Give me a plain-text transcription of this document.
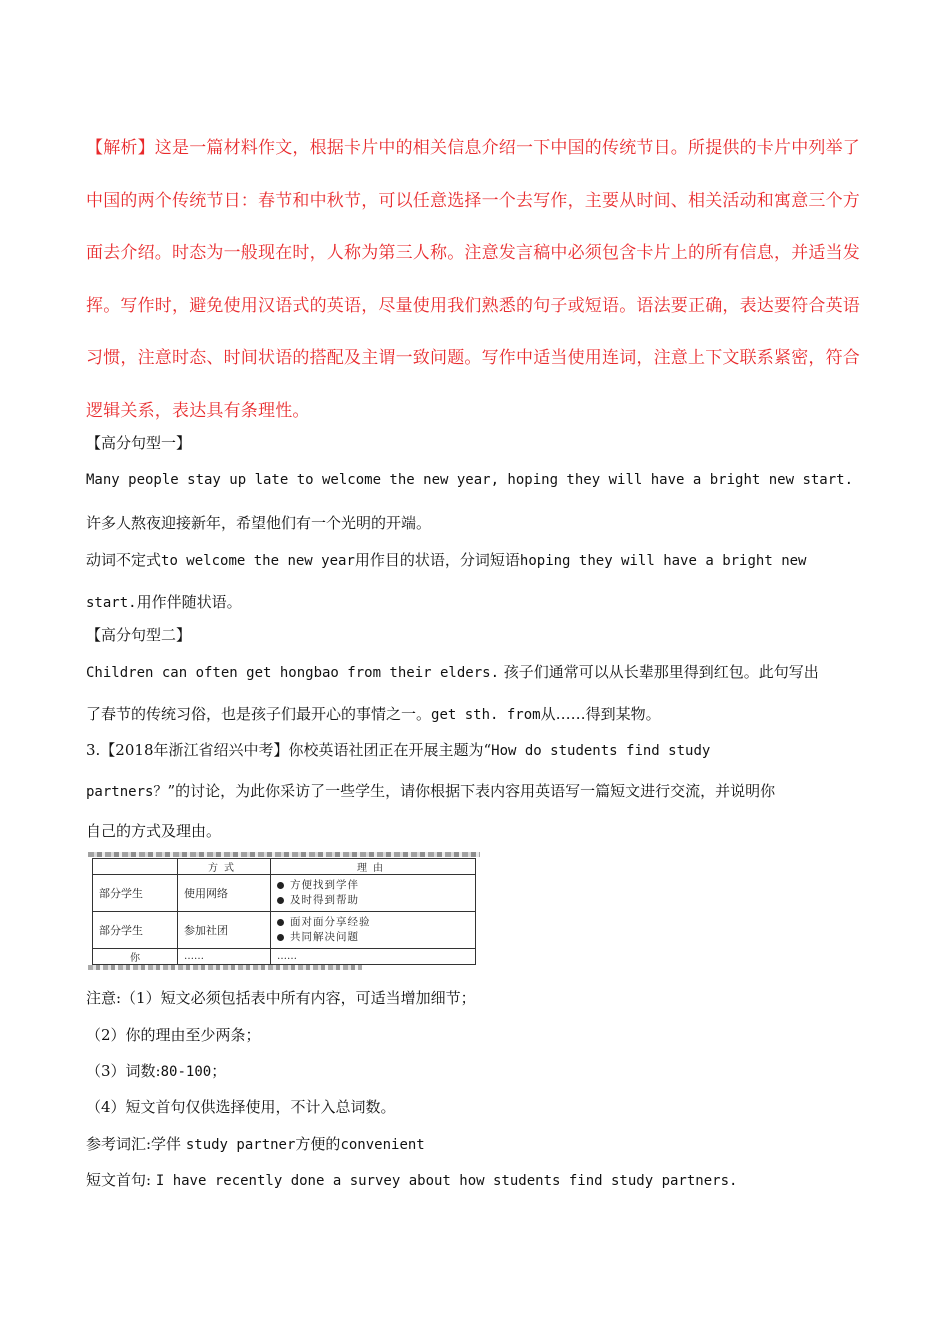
【解析】这是一篇材料作文，根据卡片中的相关信息介绍一下中国的传统节日。所提供的卡片中列举了中国的两个传统节日：春节和中秋节，可以任意选择一个去写作，主要从时间、相关活动和寓意三个方面去介绍。时态为一般现在时，人称为第三人称。注意发言稿中必须包含卡片上的所有信息，并适当发挥。写作时，避免使用汉语式的英语，尽量使用我们熟悉的句子或短语。语法要正确，表达要符合英语习惯，注意时态、时间状语的搭配及主谓一致问题。写作中适当使用连词，注意上下文联系紧密，符合逻辑关系，表达具有条理性。

【高分句型一】
Many people stay up late to welcome the new year, hoping they will have a bright new start.
许多人熬夜迎接新年，希望他们有一个光明的开端。
动词不定式to welcome the new year用作目的状语，分词短语hoping they will have a bright new
start.用作伴随状语。
【高分句型二】
Children can often get hongbao from their elders. 孩子们通常可以从长辈那里得到红包。此句写出
了春节的传统习俗，也是孩子们最开心的事情之一。get sth. from从……得到某物。
3.【2018年浙江省绍兴中考】你校英语社团正在开展主题为“How do students find study
partners？”的讨论，为此你采访了一些学生，请你根据下表内容用英语写一篇短文进行交流，并说明你
自己的方式及理由。
	方式	理由
部分学生	使用网络	方便找到学伴
及时得到帮助

部分学生	参加社团	面对面分享经验
共同解决问题

你	……	……
注意:（1）短文必须包括表中所有内容，可适当增加细节；
（2）你的理由至少两条；
（3）词数:80-100；
（4）短文首句仅供选择使用，不计入总词数。
参考词汇:学伴 study partner方便的convenient
短文首句: I have recently done a survey about how students find study partners.
